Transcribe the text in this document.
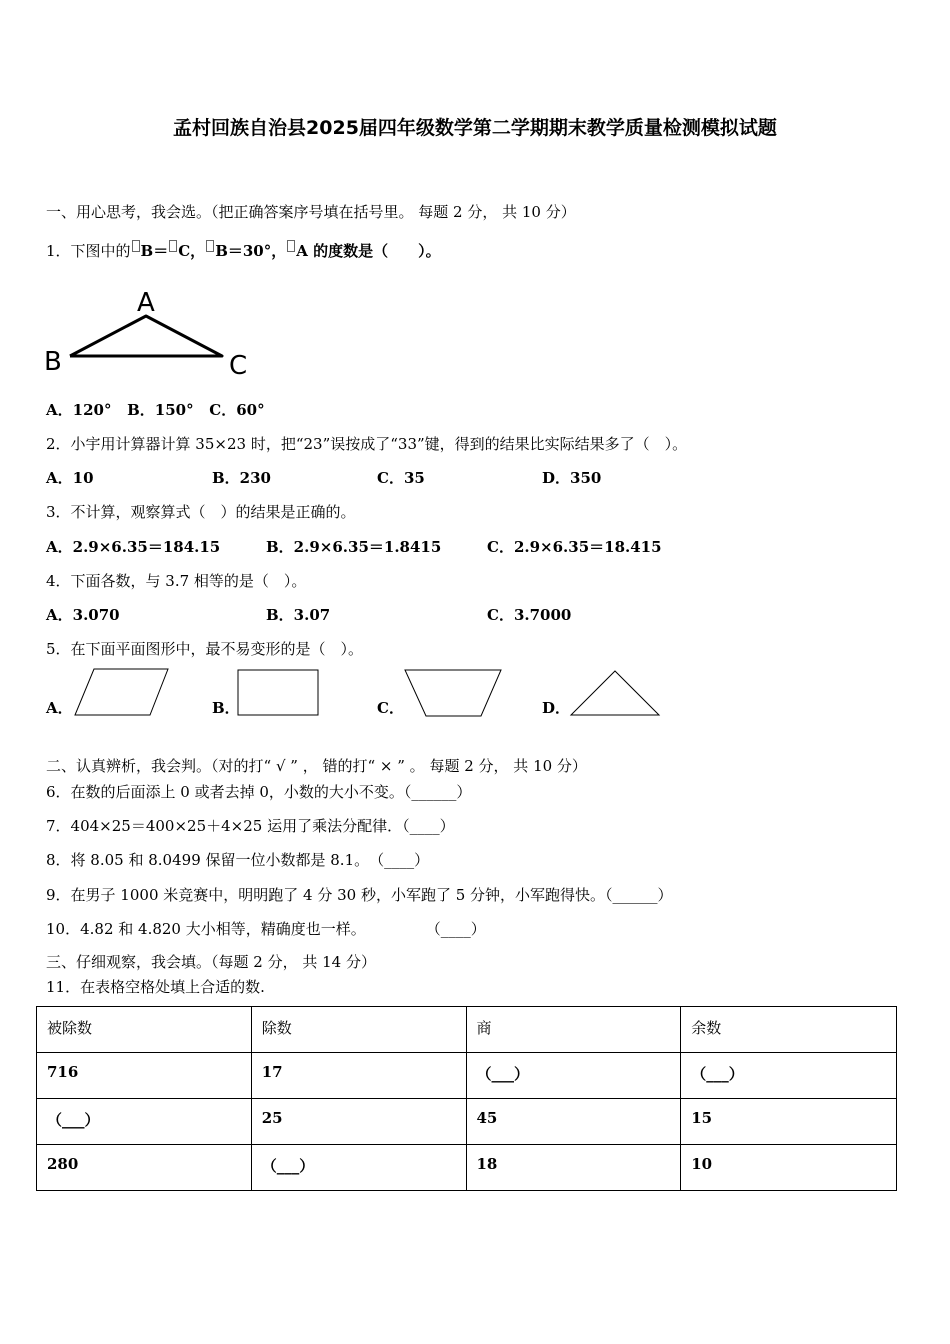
孟村回族自治县2025届四年级数学第二学期期末教学质量检测模拟试题
一、用心思考，我会选。（把正确答案序号填在括号里。 每题 2 分， 共 10 分）
1．下图中的 B＝ C， B＝30°， A 的度数是（　　）。
A
B	C
A．120° B．150° C．60°
2．小宇用计算器计算 35×23 时，把“23”误按成了“33”键，得到的结果比实际结果多了（　）。
A．10	B．230	C．35	D．350
3．不计算，观察算式（　）的结果是正确的。
A．2.9×6.35＝184.15	B．2.9×6.35＝1.8415	C．2.9×6.35＝18.415
4．下面各数，与 3.7 相等的是（　）。
A．3.070	B．3.07	C．3.7000
5．在下面平面图形中，最不易变形的是（　）。
A．	B．	C．	D．
二、认真辨析，我会判。（对的打“ √ ” ， 错的打“ × ” 。 每题 2 分， 共 10 分）
6．在数的后面添上 0 或者去掉 0，小数的大小不变。（______）
7．404×25＝400×25＋4×25 运用了乘法分配律．（____）
8．将 8.05 和 8.0499 保留一位小数都是 8.1。　（____）
9．在男子 1000 米竞赛中，明明跑了 4 分 30 秒，小军跑了 5 分钟，小军跑得快。（______）
10．4.82 和 4.820 大小相等，精确度也一样。　　　　　（____）
三、仔细观察，我会填。（每题 2 分， 共 14 分）
11．在表格空格处填上合适的数.
被除数	除数	商	余数
716	17	（___）	（___）
（___）	25	45	15
280	（___）	18	10
